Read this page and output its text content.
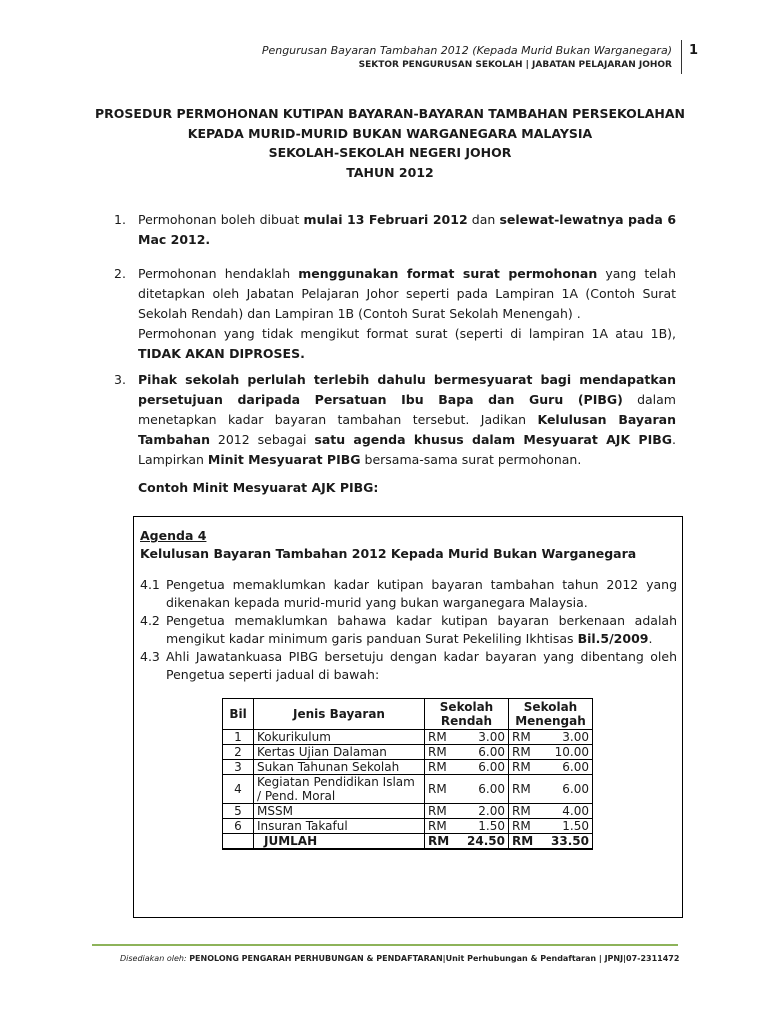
Pengurusan Bayaran Tambahan 2012 (Kepada Murid Bukan Warganegara)
SEKTOR PENGURUSAN SEKOLAH | JABATAN PELAJARAN JOHOR
1
PROSEDUR PERMOHONAN KUTIPAN BAYARAN-BAYARAN TAMBAHAN PERSEKOLAHAN
KEPADA MURID-MURID BUKAN WARGANEGARA MALAYSIA
SEKOLAH-SEKOLAH NEGERI JOHOR
TAHUN 2012
1. Permohonan boleh dibuat mulai 13 Februari 2012 dan selewat-lewatnya pada 6 Mac 2012.
2. Permohonan hendaklah menggunakan format surat permohonan yang telah ditetapkan oleh Jabatan Pelajaran Johor seperti pada Lampiran 1A (Contoh Surat Sekolah Rendah) dan Lampiran 1B (Contoh Surat Sekolah Menengah) .
Permohonan yang tidak mengikut format surat (seperti di lampiran 1A atau 1B), TIDAK AKAN DIPROSES.
3. Pihak sekolah perlulah terlebih dahulu bermesyuarat bagi mendapatkan persetujuan daripada Persatuan Ibu Bapa dan Guru (PIBG) dalam menetapkan kadar bayaran tambahan tersebut. Jadikan Kelulusan Bayaran Tambahan 2012 sebagai satu agenda khusus dalam Mesyuarat AJK PIBG. Lampirkan Minit Mesyuarat PIBG bersama-sama surat permohonan.
Contoh Minit Mesyuarat AJK PIBG:
Agenda 4
Kelulusan Bayaran Tambahan 2012 Kepada Murid Bukan Warganegara
4.1 Pengetua memaklumkan kadar kutipan bayaran tambahan tahun 2012 yang dikenakan kepada murid-murid yang bukan warganegara Malaysia.
4.2 Pengetua memaklumkan bahawa kadar kutipan bayaran berkenaan adalah mengikut kadar minimum garis panduan Surat Pekeliling Ikhtisas Bil.5/2009.
4.3 Ahli Jawatankuasa PIBG bersetuju dengan kadar bayaran yang dibentang oleh Pengetua seperti jadual di bawah:
Bil	Jenis Bayaran	Sekolah Rendah		Sekolah Menengah	
1	Kokurikulum	RM	3.00	RM	3.00
2	Kertas Ujian Dalaman	RM	6.00	RM	10.00
3	Sukan Tahunan Sekolah	RM	6.00	RM	6.00
4	Kegiatan Pendidikan Islam / Pend. Moral	RM	6.00	RM	6.00
5	MSSM	RM	2.00	RM	4.00
6	Insuran Takaful	RM	1.50	RM	1.50
	JUMLAH	RM	24.50	RM	33.50
Disediakan oleh: PENOLONG PENGARAH PERHUBUNGAN & PENDAFTARAN|Unit Perhubungan & Pendaftaran | JPNJ|07-2311472
